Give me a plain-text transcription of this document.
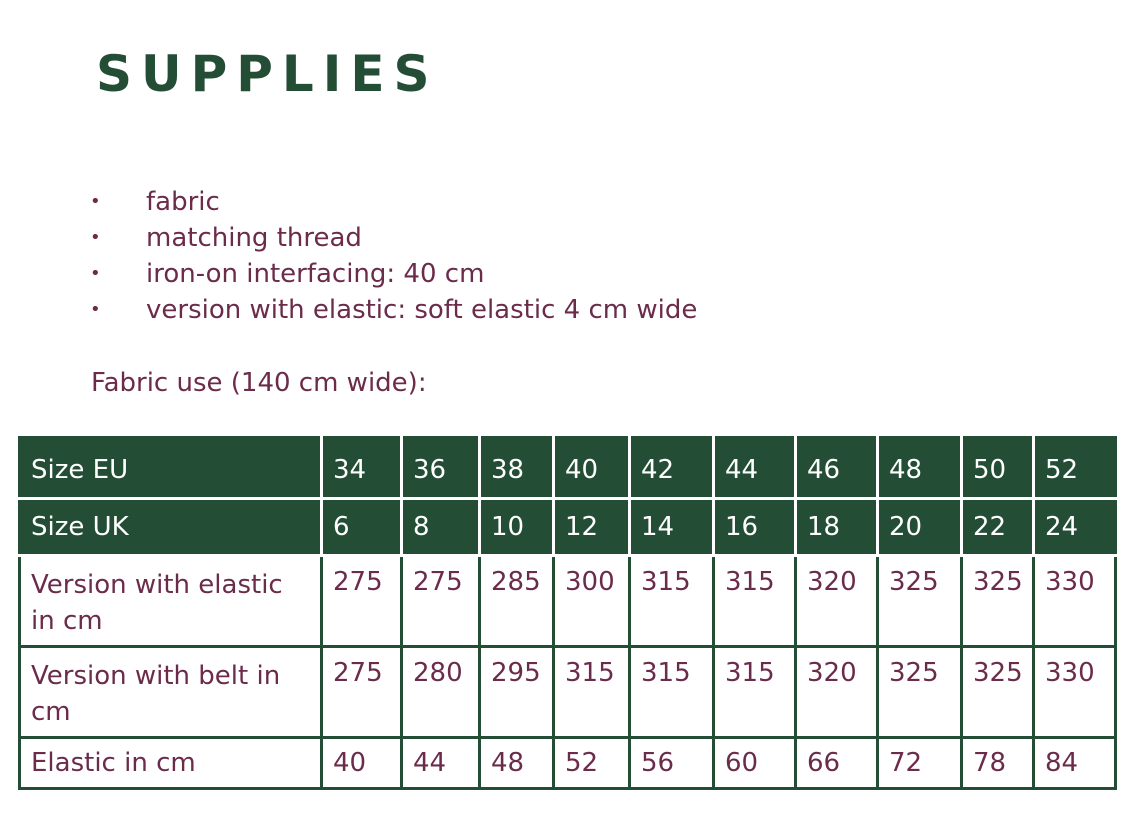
SUPPLIES
• fabric
• matching thread
• iron-on interfacing: 40 cm
• version with elastic: soft elastic 4 cm wide
Fabric use (140 cm wide):
Size EU	34	36	38	40	42	44	46	48	50	52
Size UK	6	8	10	12	14	16	18	20	22	24
Version with elastic in cm	275	275	285	300	315	315	320	325	325	330
Version with belt in cm	275	280	295	315	315	315	320	325	325	330
Elastic in cm	40	44	48	52	56	60	66	72	78	84
